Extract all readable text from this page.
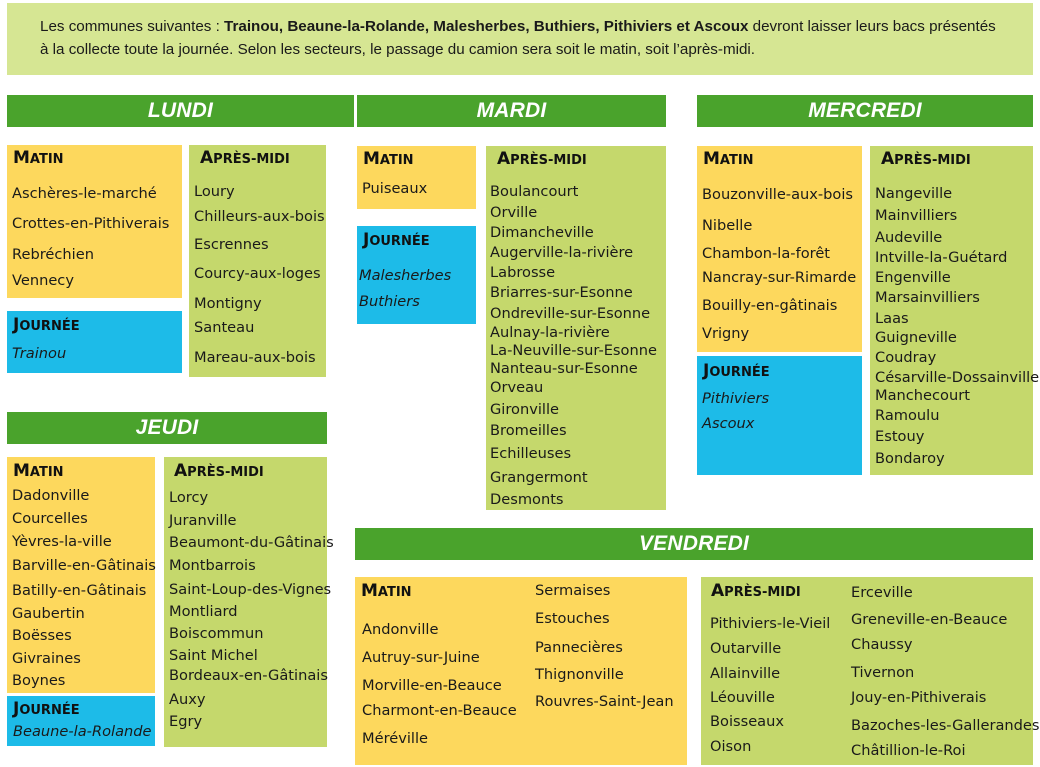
Les communes suivantes : Trainou, Beaune-la-Rolande, Malesherbes, Buthiers, Pithiviers et Ascoux devront laisser leurs bacs présentés à la collecte toute la journée. Selon les secteurs, le passage du camion sera soit le matin, soit l’après-midi.
LUNDI	MARDI	MERCREDI
JEUDI
VENDREDI
MATIN	APRÈS-MIDI
JOURNÉE
MATIN
JOURNÉE
APRÈS-MIDI	MATIN
JOURNÉE
APRÈS-MIDI
MATIN
JOURNÉE
APRÈS-MIDI
MATIN	APRÈS-MIDI
Aschères-le-marché
Crottes-en-Pithiverais
Rebréchien
Vennecy
Loury
Chilleurs-aux-bois
Escrennes
Courcy-aux-loges
Montigny
Santeau
Mareau-aux-bois
Trainou
Puiseaux
Malesherbes
Buthiers
Boulancourt
Orville
Dimancheville
Augerville-la-rivière
Labrosse
Briarres-sur-Esonne
Ondreville-sur-Esonne
Aulnay-la-rivière
La-Neuville-sur-Esonne
Nanteau-sur-Esonne
Orveau
Gironville
Bromeilles
Echilleuses
Grangermont
Desmonts
Bouzonville-aux-bois
Nibelle
Chambon-la-forêt
Nancray-sur-Rimarde
Bouilly-en-gâtinais
Vrigny
Pithiviers
Ascoux
Nangeville
Mainvilliers
Audeville
Intville-la-Guétard
Engenville
Marsainvilliers
Laas
Guigneville
Coudray
Césarville-Dossainville
Manchecourt
Ramoulu
Estouy
Bondaroy
Dadonville
Courcelles
Yèvres-la-ville
Barville-en-Gâtinais
Batilly-en-Gâtinais
Gaubertin
Boësses
Givraines
Boynes
Beaune-la-Rolande
Lorcy
Juranville
Beaumont-du-Gâtinais
Montbarrois
Saint-Loup-des-Vignes
Montliard
Boiscommun
Saint Michel
Bordeaux-en-Gâtinais
Auxy
Egry
Andonville
Autruy-sur-Juine
Morville-en-Beauce
Charmont-en-Beauce
Méréville
Sermaises
Estouches
Pannecières
Thignonville
Rouvres-Saint-Jean
Pithiviers-le-Vieil
Outarville
Allainville
Léouville
Boisseaux
Oison
Erceville
Greneville-en-Beauce
Chaussy
Tivernon
Jouy-en-Pithiverais
Bazoches-les-Gallerandes
Châtillion-le-Roi
